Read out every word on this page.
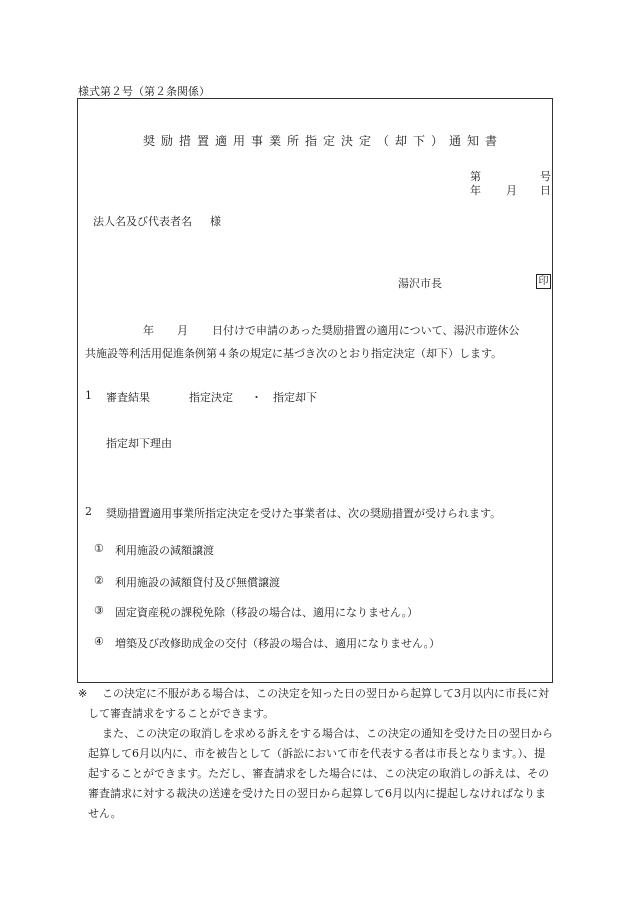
様式第２号（第２条関係）
奨励措置適用事業所指定決定（却下）通知書
第	号
年 月 日
法人名及び代表者名 様
湯沢市長	印
年 月 日付けで申請のあった奨励措置の適用について、湯沢市遊休公
共施設等利活用促進条例第４条の規定に基づき次のとおり指定決定（却下）します。
1 審査結果	指定決定 ・ 指定却下
指定却下理由
2 奨励措置適用事業所指定決定を受けた事業者は、次の奨励措置が受けられます。
① 利用施設の減額譲渡
② 利用施設の減額貸付及び無償譲渡
③ 固定資産税の課税免除（移設の場合は、適用になりません。）
④ 増築及び改修助成金の交付（移設の場合は、適用になりません。）
※	この決定に不服がある場合は、この決定を知った日の翌日から起算して3月以内に市長に対して審査請求をすることができます。
また、この決定の取消しを求める訴えをする場合は、この決定の通知を受けた日の翌日から起算して6月以内に、市を被告として（訴訟において市を代表する者は市長となります。）、提起することができます。ただし、審査請求をした場合には、この決定の取消しの訴えは、その審査請求に対する裁決の送達を受けた日の翌日から起算して6月以内に提起しなければなりません。
